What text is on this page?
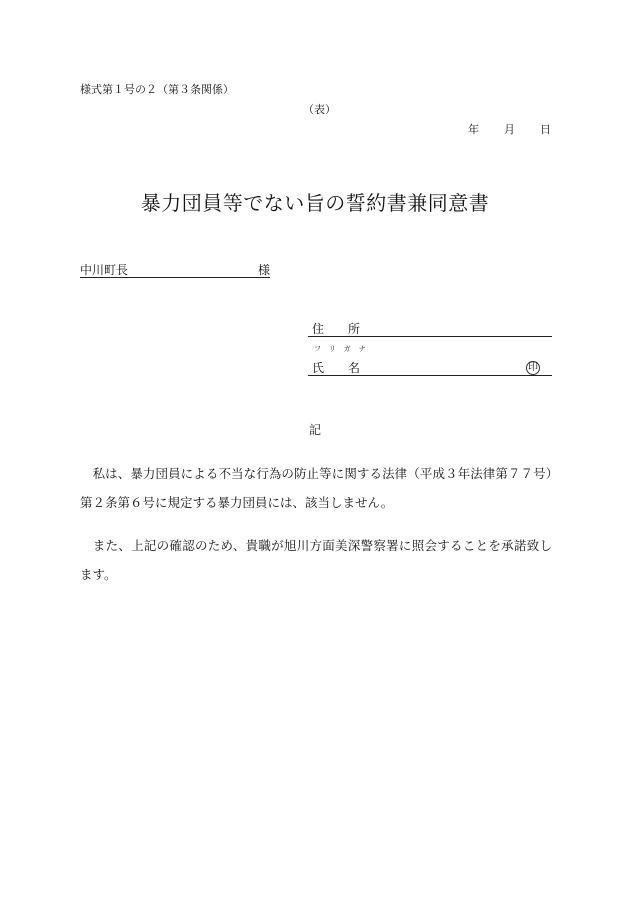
様式第１号の２（第３条関係）
（表）
年	月	日
暴力団員等でない旨の誓約書兼同意書
中川町長	様
住 所
フリガナ
氏 名	印
記
　私は、暴力団員による不当な行為の防止等に関する法律（平成３年法律第７７号）第２条第６号に規定する暴力団員には、該当しません。
　また、上記の確認のため、貴職が旭川方面美深警察署に照会することを承諾致します。
